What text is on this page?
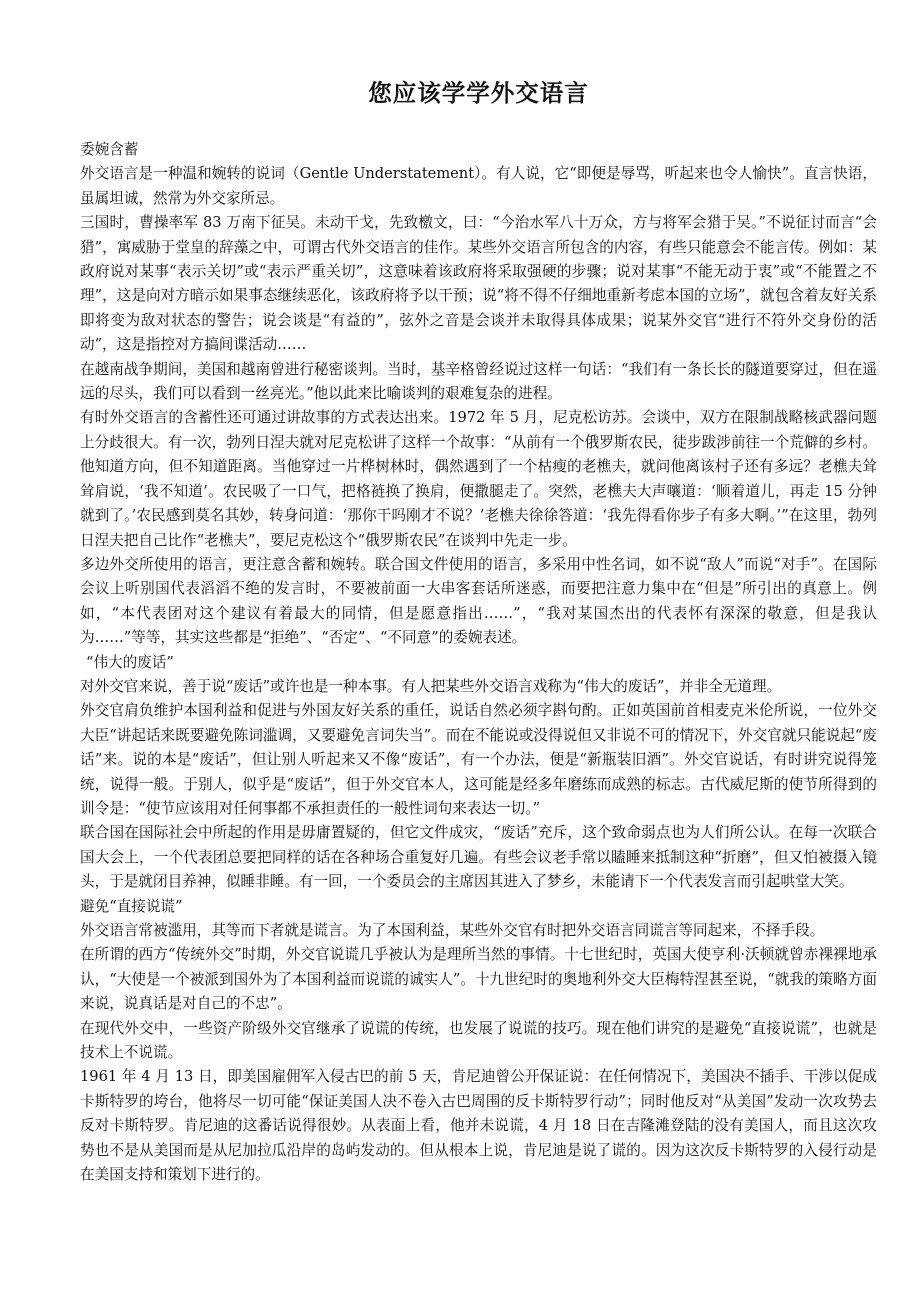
您应该学学外交语言

委婉含蓄

外交语言是一种温和婉转的说词（Gentle Understatement）。有人说，它“即便是辱骂，听起来也令人愉快”。直言快语，虽属坦诚，然常为外交家所忌。

三国时，曹操率军 83 万南下征吴。未动干戈，先致檄文，曰：“今治水军八十万众，方与将军会猎于吴。”不说征讨而言“会猎”，寓威胁于堂皇的辞藻之中，可谓古代外交语言的佳作。某些外交语言所包含的内容，有些只能意会不能言传。例如：某政府说对某事“表示关切”或“表示严重关切”，这意味着该政府将采取强硬的步骤；说对某事“不能无动于衷”或“不能置之不理”，这是向对方暗示如果事态继续恶化，该政府将予以干预；说“将不得不仔细地重新考虑本国的立场”，就包含着友好关系即将变为敌对状态的警告；说会谈是“有益的”，弦外之音是会谈并未取得具体成果；说某外交官“进行不符外交身份的活动”，这是指控对方搞间谍活动……

在越南战争期间，美国和越南曾进行秘密谈判。当时，基辛格曾经说过这样一句话：“我们有一条长长的隧道要穿过，但在遥远的尽头，我们可以看到一丝亮光。”他以此来比喻谈判的艰难复杂的进程。

有时外交语言的含蓄性还可通过讲故事的方式表达出来。1972 年 5 月，尼克松访苏。会谈中，双方在限制战略核武器问题上分歧很大。有一次，勃列日涅夫就对尼克松讲了这样一个故事：“从前有一个俄罗斯农民，徒步跋涉前往一个荒僻的乡村。他知道方向，但不知道距离。当他穿过一片桦树林时，偶然遇到了一个枯瘦的老樵夫，就问他离该村子还有多远？老樵夫耸耸肩说，‘我不知道’。农民吸了一口气，把格裢换了换肩，便撒腿走了。突然，老樵夫大声嚷道：‘顺着道儿，再走 15 分钟就到了。’农民感到莫名其妙，转身问道：‘那你干吗刚才不说？’老樵夫徐徐答道：‘我先得看你步子有多大啊。’”在这里，勃列日涅夫把自己比作“老樵夫”，要尼克松这个“俄罗斯农民”在谈判中先走一步。

多边外交所使用的语言，更注意含蓄和婉转。联合国文件使用的语言，多采用中性名词，如不说“敌人”而说“对手”。在国际会议上听别国代表滔滔不绝的发言时，不要被前面一大串客套话所迷惑，而要把注意力集中在“但是”所引出的真意上。例如，“本代表团对这个建议有着最大的同情，但是愿意指出……”，“我对某国杰出的代表怀有深深的敬意，但是我认为……”等等，其实这些都是“拒绝”、“否定”、“不同意”的委婉表述。

“伟大的废话”

对外交官来说，善于说“废话”或许也是一种本事。有人把某些外交语言戏称为“伟大的废话”，并非全无道理。

外交官肩负维护本国利益和促进与外国友好关系的重任，说话自然必须字斟句酌。正如英国前首相麦克米伦所说，一位外交大臣“讲起话来既要避免陈词滥调，又要避免言词失当”。而在不能说或没得说但又非说不可的情况下，外交官就只能说起“废话”来。说的本是“废话”，但让别人听起来又不像“废话”，有一个办法，便是“新瓶装旧酒”。外交官说话，有时讲究说得笼统，说得一般。于别人，似乎是“废话”，但于外交官本人，这可能是经多年磨练而成熟的标志。古代威尼斯的使节所得到的训令是：“使节应该用对任何事都不承担责任的一般性词句来表达一切。”

联合国在国际社会中所起的作用是毋庸置疑的，但它文件成灾，“废话”充斥，这个致命弱点也为人们所公认。在每一次联合国大会上，一个代表团总要把同样的话在各种场合重复好几遍。有些会议老手常以瞌睡来抵制这种“折磨”，但又怕被摄入镜头，于是就闭目养神，似睡非睡。有一回，一个委员会的主席因其进入了梦乡，未能请下一个代表发言而引起哄堂大笑。

避免“直接说谎”

外交语言常被滥用，其等而下者就是谎言。为了本国利益，某些外交官有时把外交语言同谎言等同起来，不择手段。

在所谓的西方“传统外交”时期，外交官说谎几乎被认为是理所当然的事情。十七世纪时，英国大使亨利·沃顿就曾赤裸裸地承认，“大使是一个被派到国外为了本国利益而说谎的诚实人”。十九世纪时的奥地利外交大臣梅特涅甚至说，“就我的策略方面来说，说真话是对自己的不忠”。

在现代外交中，一些资产阶级外交官继承了说谎的传统，也发展了说谎的技巧。现在他们讲究的是避免“直接说谎”，也就是技术上不说谎。

1961 年 4 月 13 日，即美国雇佣军入侵古巴的前 5 天，肯尼迪曾公开保证说：在任何情况下，美国决不插手、干涉以促成卡斯特罗的垮台，他将尽一切可能“保证美国人决不卷入古巴周围的反卡斯特罗行动”；同时他反对“从美国”发动一次攻势去反对卡斯特罗。肯尼迪的这番话说得很妙。从表面上看，他并未说谎，4 月 18 日在吉隆滩登陆的没有美国人，而且这次攻势也不是从美国而是从尼加拉瓜沿岸的岛屿发动的。但从根本上说，肯尼迪是说了谎的。因为这次反卡斯特罗的入侵行动是在美国支持和策划下进行的。
